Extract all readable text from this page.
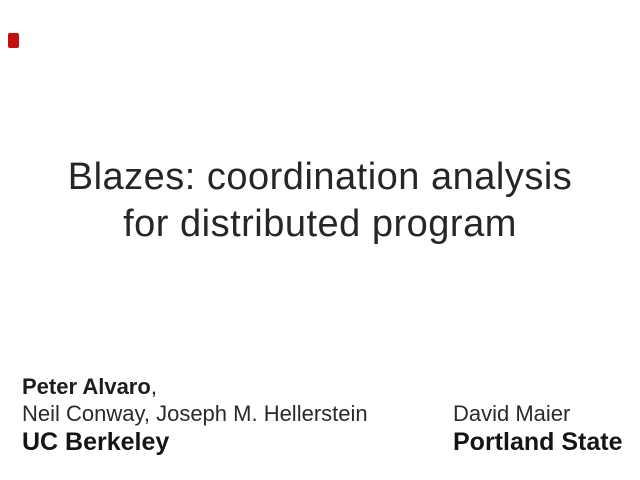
Blazes: coordination analysis
for distributed program
Peter Alvaro,
Neil Conway, Joseph M. Hellerstein
UC Berkeley
David Maier
Portland State
